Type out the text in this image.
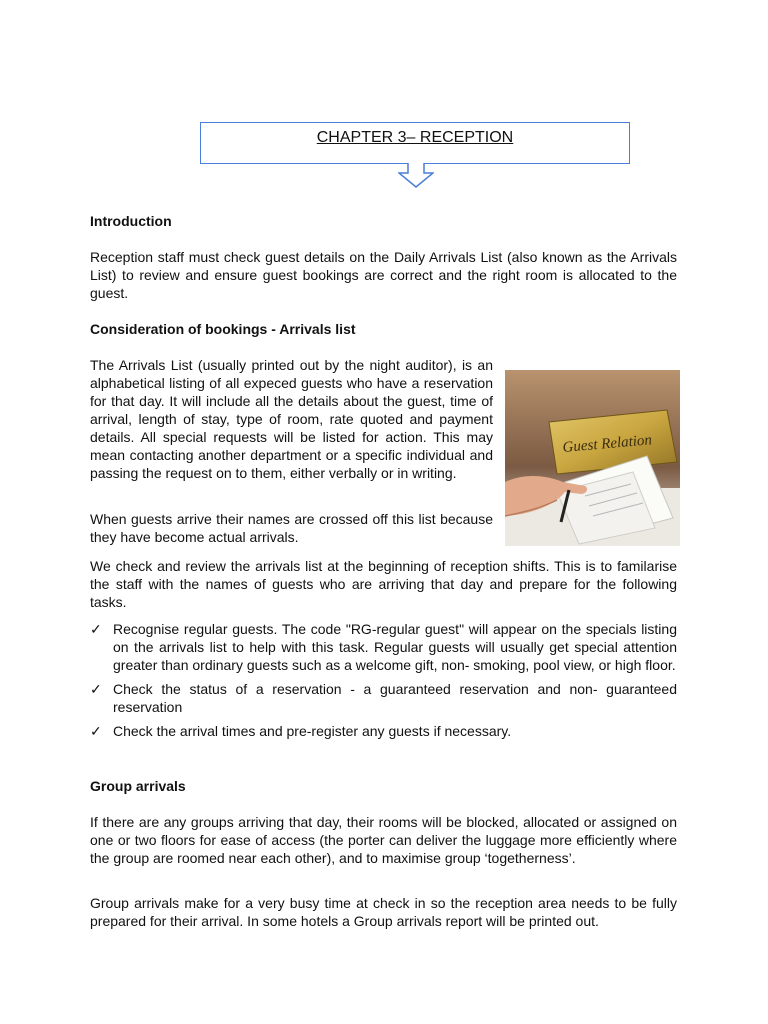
CHAPTER 3– RECEPTION
Introduction

Reception staff must check guest details on the Daily Arrivals List (also known as the Arrivals List) to review and ensure guest bookings are correct and the right room is allocated to the guest.

Consideration of bookings - Arrivals list

The Arrivals List (usually printed out by the night auditor), is an alphabetical listing of all expeced guests who have a reservation for that day. It will include all the details about the guest, time of arrival, length of stay, type of room, rate quoted and payment details. All special requests will be listed for action. This may mean contacting another department or a specific individual and passing the request on to them, either verbally or in writing.

When guests arrive their names are crossed off this list because they have become actual arrivals.

Guest Relation

We check and review the arrivals list at the beginning of reception shifts. This is to familarise the staff with the names of guests who are arriving that day and prepare for the following tasks.

✓ Recognise regular guests. The code "RG-regular guest" will appear on the specials listing on the arrivals list to help with this task. Regular guests will usually get special attention greater than ordinary guests such as a welcome gift, non- smoking, pool view, or high floor.
✓ Check the status of a reservation - a guaranteed reservation and non- guaranteed reservation
✓ Check the arrival times and pre-register any guests if necessary.
Group arrivals

If there are any groups arriving that day, their rooms will be blocked, allocated or assigned on one or two floors for ease of access (the porter can deliver the luggage more efficiently where the group are roomed near each other), and to maximise group ‘togetherness’.

Group arrivals make for a very busy time at check in so the reception area needs to be fully prepared for their arrival. In some hotels a Group arrivals report will be printed out.
